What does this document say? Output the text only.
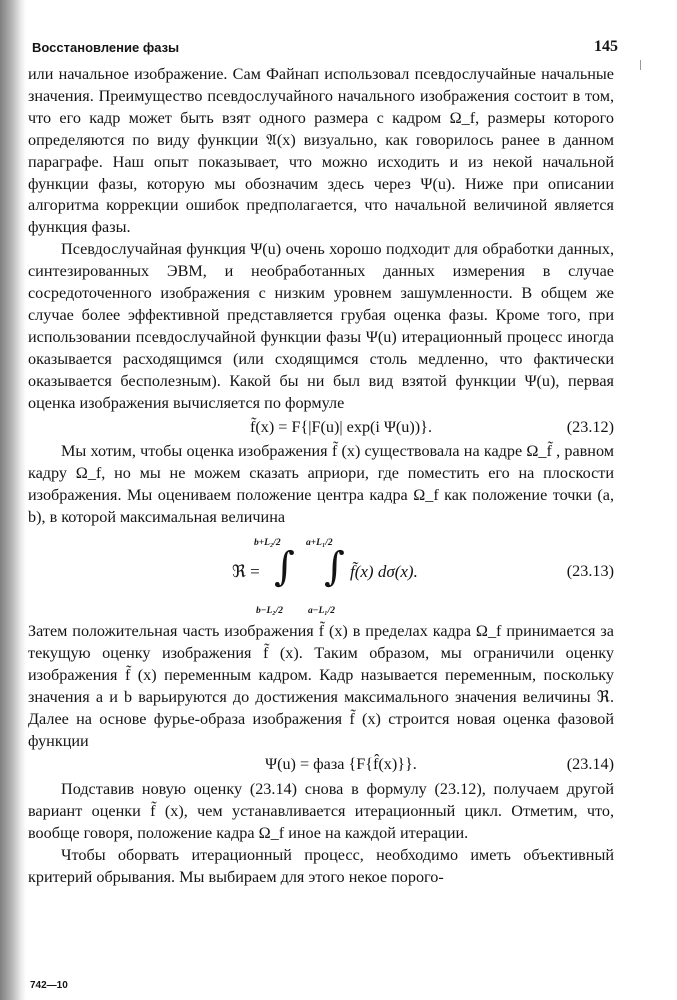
Восстановление фазы	145

или начальное изображение. Сам Файнап использовал псевдослучайные начальные значения. Преимущество псевдослучайного начального изображения состоит в том, что его кадр может быть взят одного размера с кадром Ω_f, размеры которого определяются по виду функции 𝔄(x) визуально, как говорилось ранее в данном параграфе. Наш опыт показывает, что можно исходить и из некой начальной функции фазы, которую мы обозначим здесь через Ψ(u). Ниже при описании алгоритма коррекции ошибок предполагается, что начальной величиной является функция фазы.

Псевдослучайная функция Ψ(u) очень хорошо подходит для обработки данных, синтезированных ЭВМ, и необработанных данных измерения в случае сосредоточенного изображения с низким уровнем зашумленности. В общем же случае более эффективной представляется грубая оценка фазы. Кроме того, при использовании псевдослучайной функции фазы Ψ(u) итерационный процесс иногда оказывается расходящимся (или сходящимся столь медленно, что фактически оказывается бесполезным). Какой бы ни был вид взятой функции Ψ(u), первая оценка изображения вычисляется по формуле

f̃(x) = F{|F(u)| exp(i Ψ(u))}.	(23.12)

Мы хотим, чтобы оценка изображения f̃ (x) существовала на кадре Ω_f̃ , равном кадру Ω_f, но мы не можем сказать априори, где поместить его на плоскости изображения. Мы оцениваем положение центра кадра Ω_f как положение точки (a, b), в которой максимальная величина

ℜ =
b+L₂/2
∫
b−L₂/2
a+L₁/2
∫
a−L₁/2
f̃(x) dσ(x).	(23.13)

Затем положительная часть изображения f̃ (x) в пределах кадра Ω_f принимается за текущую оценку изображения f̃ (x). Таким образом, мы ограничили оценку изображения f̃ (x) переменным кадром. Кадр называется переменным, поскольку значения a и b варьируются до достижения максимального значения величины ℜ. Далее на основе фурье-образа изображения f̃ (x) строится новая оценка фазовой функции

Ψ(u) = фаза {F{f̂(x)}}.	(23.14)

Подставив новую оценку (23.14) снова в формулу (23.12), получаем другой вариант оценки f̃ (x), чем устанавливается итерационный цикл. Отметим, что, вообще говоря, положение кадра Ω_f иное на каждой итерации.

Чтобы оборвать итерационный процесс, необходимо иметь объективный критерий обрывания. Мы выбираем для этого некое порого-

742—10
